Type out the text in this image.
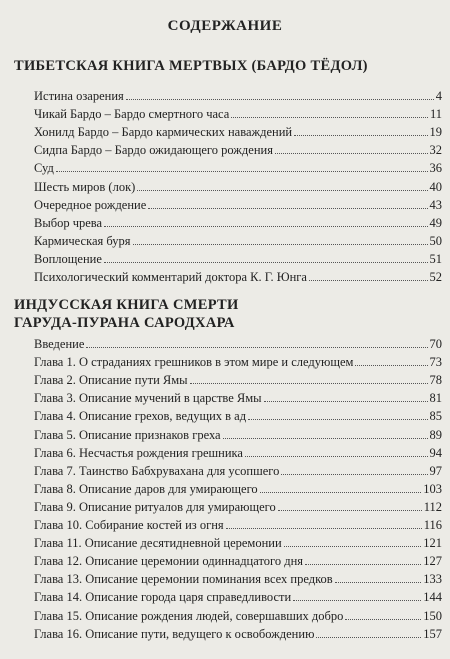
СОДЕРЖАНИЕ
ТИБЕТСКАЯ КНИГА МЕРТВЫХ (БАРДО ТЁДОЛ)
Истина озарения	4
Чикай Бардо – Бардо смертного часа	11
Хонилд Бардо – Бардо кармических наваждений	19
Сидпа Бардо – Бардо ожидающего рождения	32
Суд	36
Шесть миров (лок)	40
Очередное рождение	43
Выбор чрева	49
Кармическая буря	50
Воплощение	51
Психологический комментарий доктора К. Г. Юнга	52
ИНДУССКАЯ КНИГА СМЕРТИ
ГАРУДА-ПУРАНА САРОДХАРА
Введение	70
Глава 1. О страданиях грешников в этом мире и следующем	73
Глава 2. Описание пути Ямы	78
Глава 3. Описание мучений в царстве Ямы	81
Глава 4. Описание грехов, ведущих в ад	85
Глава 5. Описание признаков греха	89
Глава 6. Несчастья рождения грешника	94
Глава 7. Таинство Бабхрувахана для усопшего	97
Глава 8. Описание даров для умирающего	103
Глава 9. Описание ритуалов для умирающего	112
Глава 10. Собирание костей из огня	116
Глава 11. Описание десятидневной церемонии	121
Глава 12. Описание церемонии одиннадцатого дня	127
Глава 13. Описание церемонии поминания всех предков	133
Глава 14. Описание города царя справедливости	144
Глава 15. Описание рождения людей, совершавших добро	150
Глава 16. Описание пути, ведущего к освобождению	157
